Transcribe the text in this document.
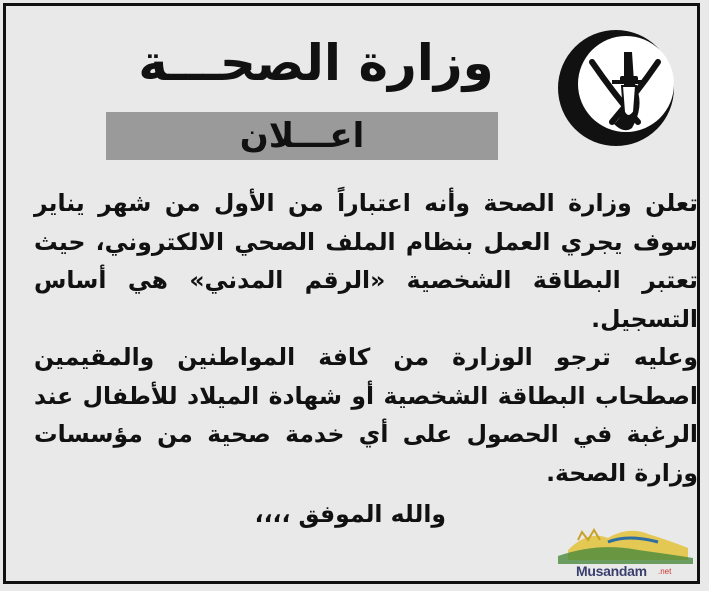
وزارة الصحـــة
اعـــلان

تعلن وزارة الصحة وأنه اعتباراً من الأول من شهر يناير سوف يجري العمل بنظام الملف الصحي الالكتروني، حيث تعتبر البطاقة الشخصية «الرقم المدني» هي أساس التسجيل.

وعليه ترجو الوزارة من كافة المواطنين والمقيمين اصطحاب البطاقة الشخصية أو شهادة الميلاد للأطفال عند الرغبة في الحصول على أي خدمة صحية من مؤسسات وزارة الصحة.

والله الموفق ،،،،
Musandam .net
